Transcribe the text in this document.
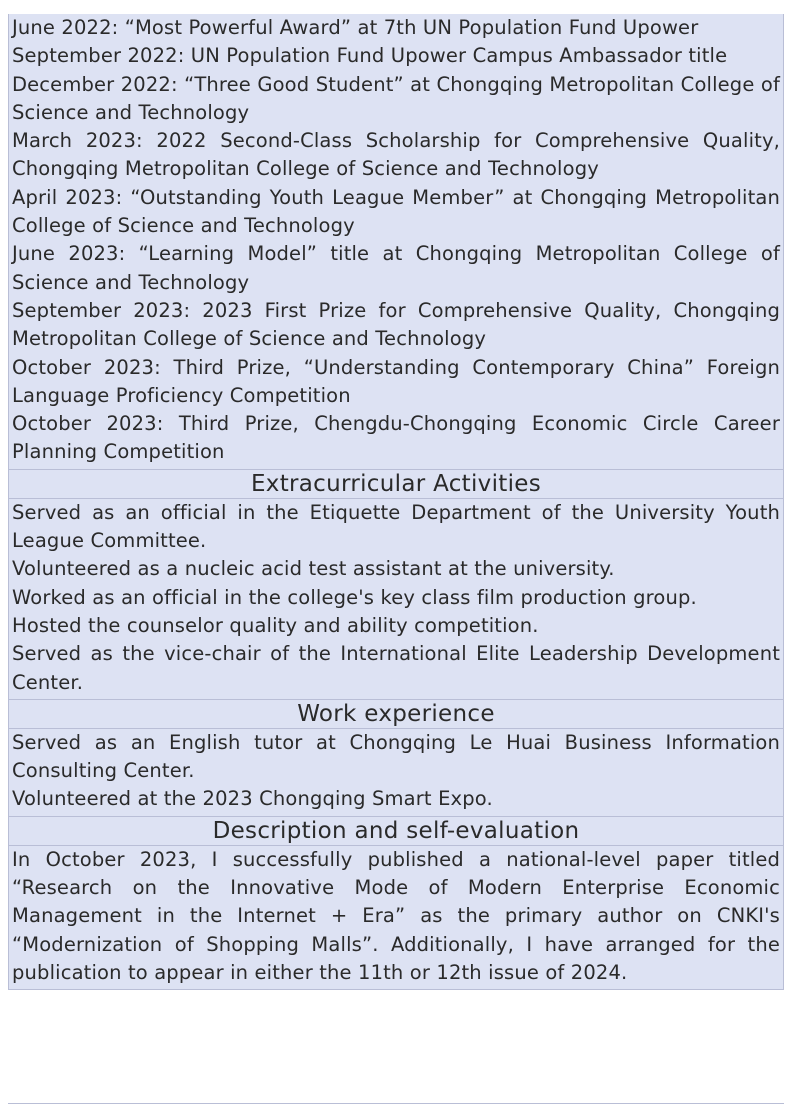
June 2022: “Most Powerful Award” at 7th UN Population Fund Upower
September 2022: UN Population Fund Upower Campus Ambassador title
December 2022: “Three Good Student” at Chongqing Metropolitan College of Science and Technology
March 2023: 2022 Second-Class Scholarship for Comprehensive Quality, Chongqing Metropolitan College of Science and Technology
April 2023: “Outstanding Youth League Member” at Chongqing Metropolitan College of Science and Technology
June 2023: “Learning Model” title at Chongqing Metropolitan College of Science and Technology
September 2023: 2023 First Prize for Comprehensive Quality, Chongqing Metropolitan College of Science and Technology
October 2023: Third Prize, “Understanding Contemporary China” Foreign Language Proficiency Competition
October 2023: Third Prize, Chengdu-Chongqing Economic Circle Career Planning Competition
Extracurricular Activities
Served as an official in the Etiquette Department of the University Youth League Committee.
Volunteered as a nucleic acid test assistant at the university.
Worked as an official in the college's key class film production group.
Hosted the counselor quality and ability competition.
Served as the vice-chair of the International Elite Leadership Development Center.
Work experience
Served as an English tutor at Chongqing Le Huai Business Information Consulting Center.
Volunteered at the 2023 Chongqing Smart Expo.
Description and self-evaluation
In October 2023, I successfully published a national-level paper titled “Research on the Innovative Mode of Modern Enterprise Economic Management in the Internet + Era” as the primary author on CNKI's “Modernization of Shopping Malls”. Additionally, I have arranged for the publication to appear in either the 11th or 12th issue of 2024.
